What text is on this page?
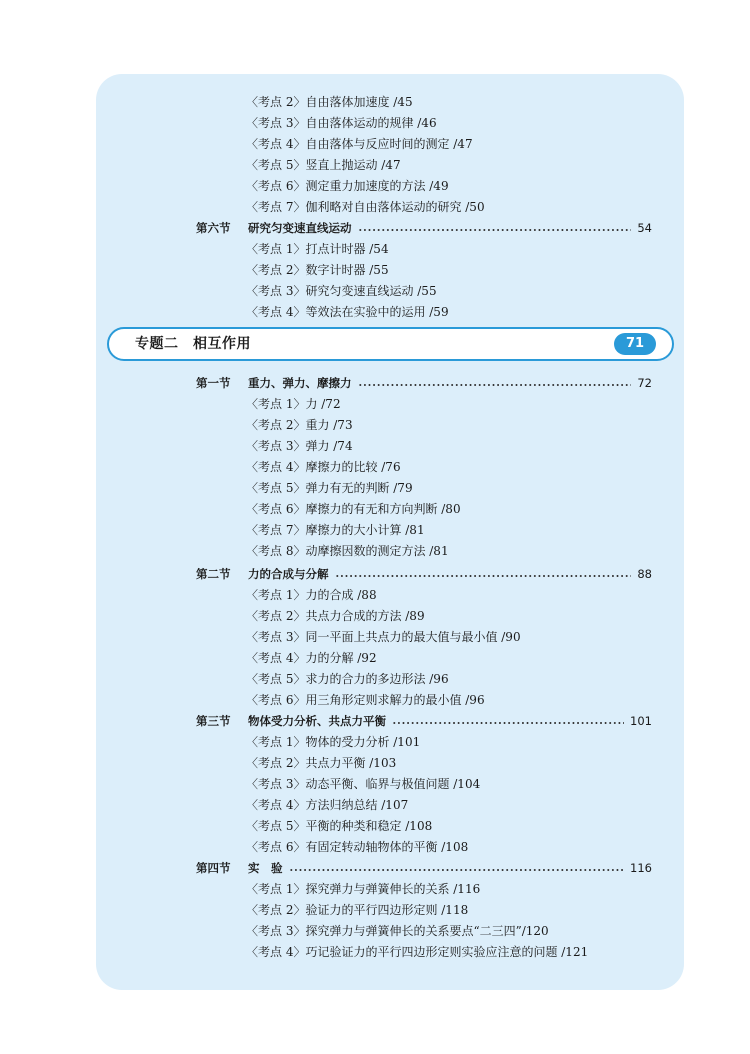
〈考点 2〉自由落体加速度 /45
〈考点 3〉自由落体运动的规律 /46
〈考点 4〉自由落体与反应时间的测定 /47
〈考点 5〉竖直上抛运动 /47
〈考点 6〉测定重力加速度的方法 /49
〈考点 7〉伽利略对自由落体运动的研究 /50
第六节	研究匀变速直线运动	54
〈考点 1〉打点计时器 /54
〈考点 2〉数字计时器 /55
〈考点 3〉研究匀变速直线运动 /55
〈考点 4〉等效法在实验中的运用 /59
专题二　相互作用	71
第一节	重力、弹力、摩擦力	72
〈考点 1〉力 /72
〈考点 2〉重力 /73
〈考点 3〉弹力 /74
〈考点 4〉摩擦力的比较 /76
〈考点 5〉弹力有无的判断 /79
〈考点 6〉摩擦力的有无和方向判断 /80
〈考点 7〉摩擦力的大小计算 /81
〈考点 8〉动摩擦因数的测定方法 /81
第二节	力的合成与分解	88
〈考点 1〉力的合成 /88
〈考点 2〉共点力合成的方法 /89
〈考点 3〉同一平面上共点力的最大值与最小值 /90
〈考点 4〉力的分解 /92
〈考点 5〉求力的合力的多边形法 /96
〈考点 6〉用三角形定则求解力的最小值 /96
第三节	物体受力分析、共点力平衡	101
〈考点 1〉物体的受力分析 /101
〈考点 2〉共点力平衡 /103
〈考点 3〉动态平衡、临界与极值问题 /104
〈考点 4〉方法归纳总结 /107
〈考点 5〉平衡的种类和稳定 /108
〈考点 6〉有固定转动轴物体的平衡 /108
第四节	实　验	116
〈考点 1〉探究弹力与弹簧伸长的关系 /116
〈考点 2〉验证力的平行四边形定则 /118
〈考点 3〉探究弹力与弹簧伸长的关系要点“二三四”/120
〈考点 4〉巧记验证力的平行四边形定则实验应注意的问题 /121
